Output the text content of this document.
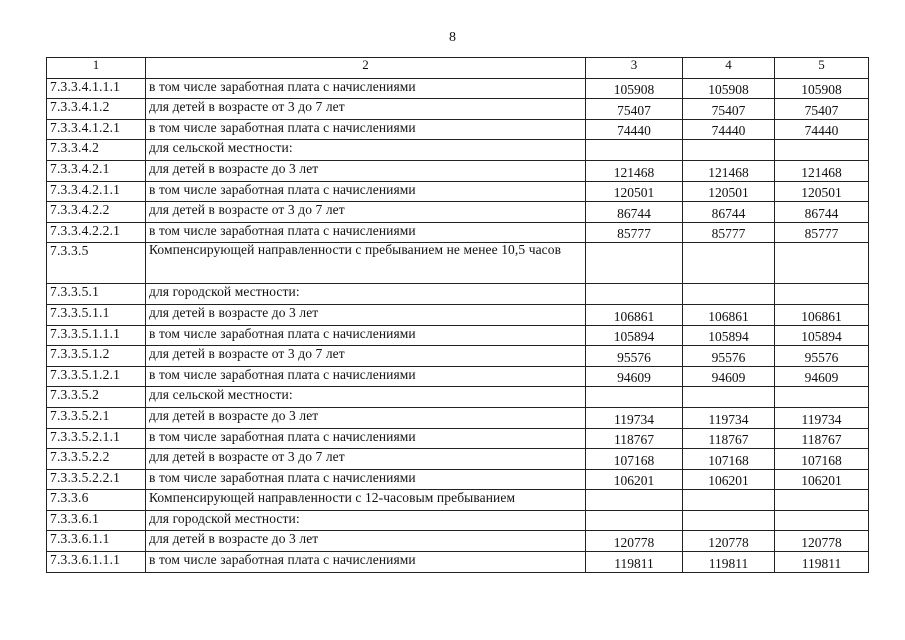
8
1	2	3	4	5
7.3.3.4.1.1.1	в том числе заработная плата с начислениями	105908	105908	105908
7.3.3.4.1.2	для детей в возрасте от 3 до 7 лет	75407	75407	75407
7.3.3.4.1.2.1	в том числе заработная плата с начислениями	74440	74440	74440
7.3.3.4.2	для сельской местности:			
7.3.3.4.2.1	для детей в возрасте до 3 лет	121468	121468	121468
7.3.3.4.2.1.1	в том числе заработная плата с начислениями	120501	120501	120501
7.3.3.4.2.2	для детей в возрасте от 3 до 7 лет	86744	86744	86744
7.3.3.4.2.2.1	в том числе заработная плата с начислениями	85777	85777	85777
7.3.3.5	Компенсирующей направленности с пребыванием не менее 10,5 часов			
7.3.3.5.1	для городской местности:			
7.3.3.5.1.1	для детей в возрасте до 3 лет	106861	106861	106861
7.3.3.5.1.1.1	в том числе заработная плата с начислениями	105894	105894	105894
7.3.3.5.1.2	для детей в возрасте от 3 до 7 лет	95576	95576	95576
7.3.3.5.1.2.1	в том числе заработная плата с начислениями	94609	94609	94609
7.3.3.5.2	для сельской местности:			
7.3.3.5.2.1	для детей в возрасте до 3 лет	119734	119734	119734
7.3.3.5.2.1.1	в том числе заработная плата с начислениями	118767	118767	118767
7.3.3.5.2.2	для детей в возрасте от 3 до 7 лет	107168	107168	107168
7.3.3.5.2.2.1	в том числе заработная плата с начислениями	106201	106201	106201
7.3.3.6	Компенсирующей направленности с 12-часовым пребыванием			
7.3.3.6.1	для городской местности:			
7.3.3.6.1.1	для детей в возрасте до 3 лет	120778	120778	120778
7.3.3.6.1.1.1	в том числе заработная плата с начислениями	119811	119811	119811
